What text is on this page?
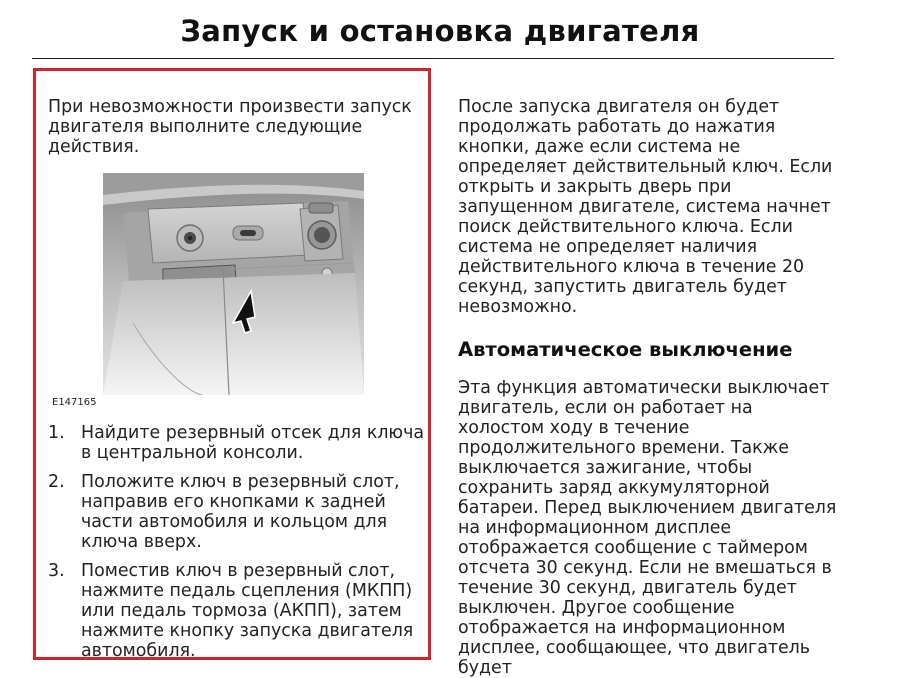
Запуск и остановка двигателя
При невозможности произвести запуск двигателя выполните следующие действия.
E147165
1. Найдите резервный отсек для ключа в центральной консоли.
2. Положите ключ в резервный слот, направив его кнопками к задней части автомобиля и кольцом для ключа вверх.
3. Поместив ключ в резервный слот, нажмите педаль сцепления (МКПП) или педаль тормоза (АКПП), затем нажмите кнопку запуска двигателя автомобиля.

После запуска двигателя он будет продолжать работать до нажатия кнопки, даже если система не определяет действительный ключ. Если открыть и закрыть дверь при запущенном двигателе, система начнет поиск действительного ключа. Если система не определяет наличия действительного ключа в течение 20 секунд, запустить двигатель будет невозможно.

Автоматическое выключение

Эта функция автоматически выключает двигатель, если он работает на холостом ходу в течение продолжительного времени. Также выключается зажигание, чтобы сохранить заряд аккумуляторной батареи. Перед выключением двигателя на информационном дисплее отображается сообщение с таймером отсчета 30 секунд. Если не вмешаться в течение 30 секунд, двигатель будет выключен. Другое сообщение отображается на информационном дисплее, сообщающее, что двигатель будет
